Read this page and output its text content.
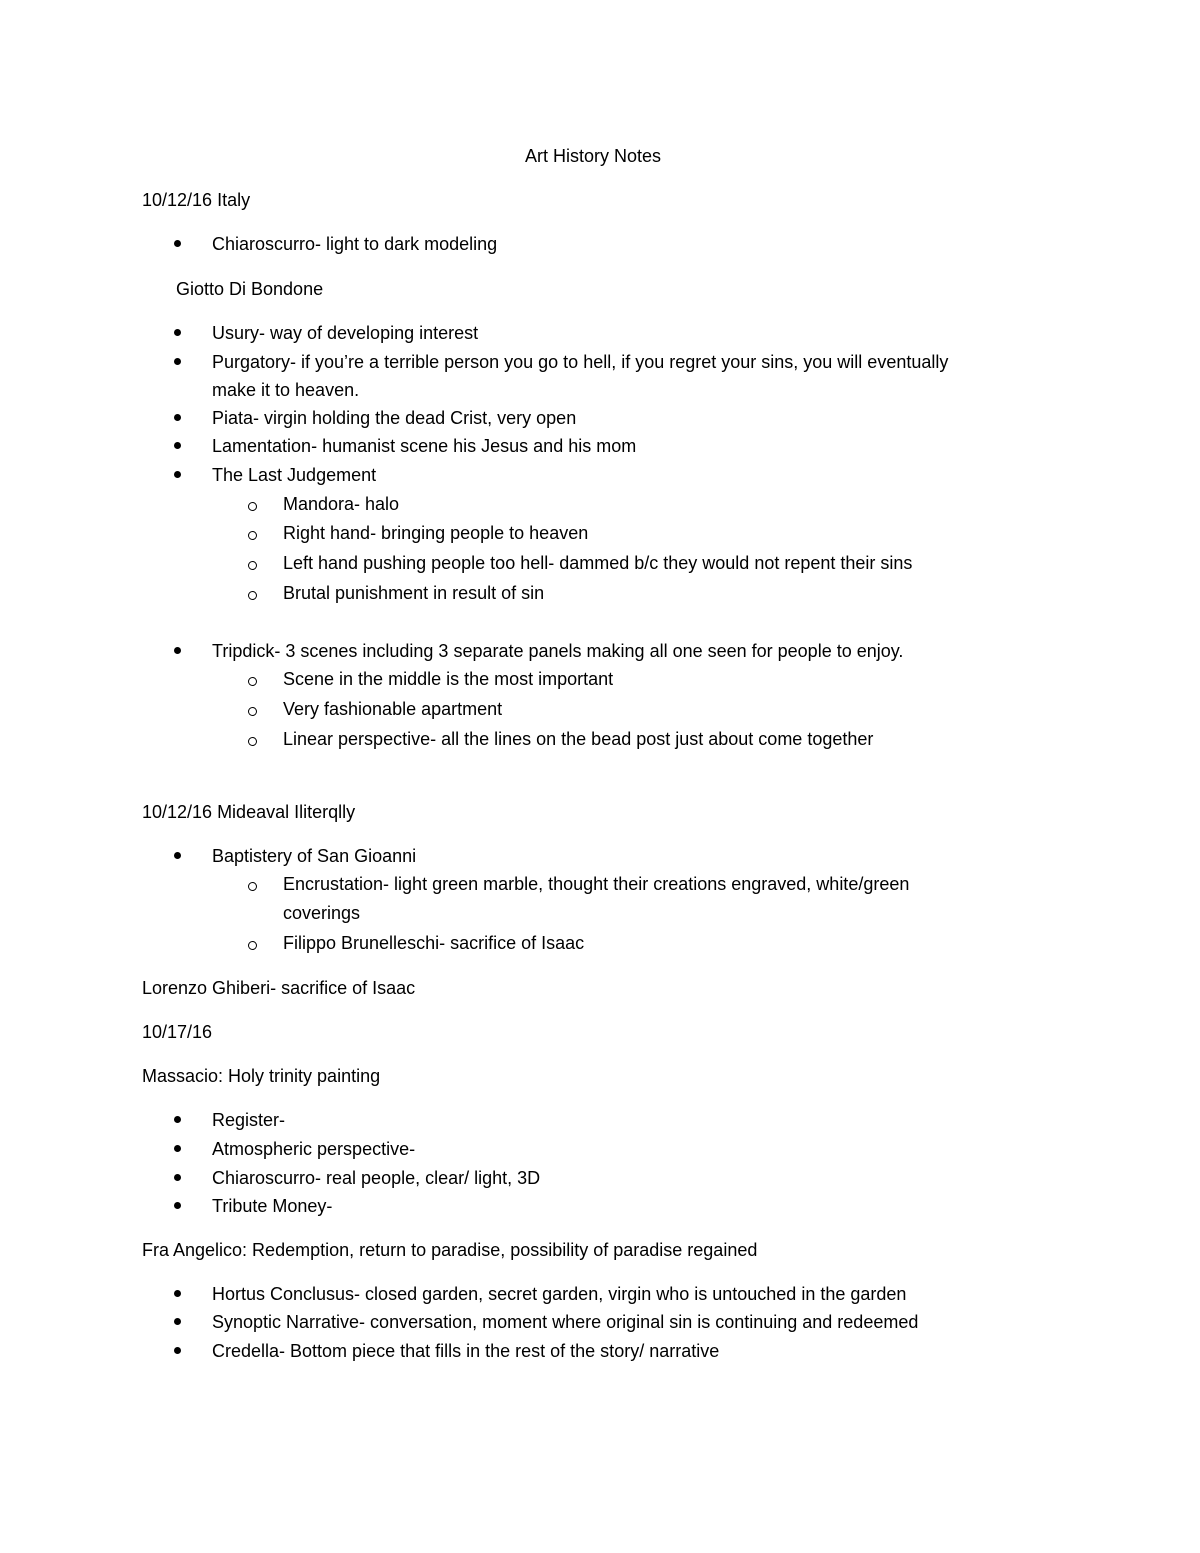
Art History Notes
10/12/16 Italy
Chiaroscurro- light to dark modeling
Giotto Di Bondone
Usury- way of developing interest
Purgatory- if you’re a terrible person you go to hell, if you regret your sins, you will eventually
make it to heaven.
Piata- virgin holding the dead Crist, very open
Lamentation- humanist scene his Jesus and his mom
The Last Judgement
Mandora- halo
Right hand- bringing people to heaven
Left hand pushing people too hell- dammed b/c they would not repent their sins
Brutal punishment in result of sin
Tripdick- 3 scenes including 3 separate panels making all one seen for people to enjoy.
Scene in the middle is the most important
Very fashionable apartment
Linear perspective- all the lines on the bead post just about come together
10/12/16 Mideaval Iliterqlly
Baptistery of San Gioanni
Encrustation- light green marble, thought their creations engraved, white/green
coverings
Filippo Brunelleschi- sacrifice of Isaac
Lorenzo Ghiberi- sacrifice of Isaac
10/17/16
Massacio: Holy trinity painting
Register-
Atmospheric perspective-
Chiaroscurro- real people, clear/ light, 3D
Tribute Money-
Fra Angelico: Redemption, return to paradise, possibility of paradise regained
Hortus Conclusus- closed garden, secret garden, virgin who is untouched in the garden
Synoptic Narrative- conversation, moment where original sin is continuing and redeemed
Credella- Bottom piece that fills in the rest of the story/ narrative
